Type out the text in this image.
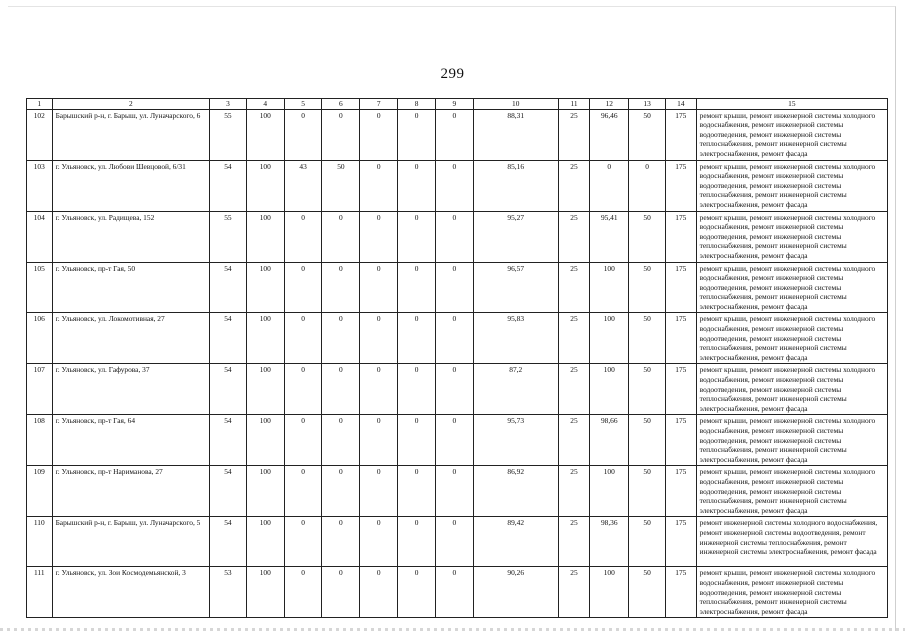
299
1	2	3	4	5	6	7	8	9	10	11	12	13	14	15
102	Барышский р-н, г. Барыш, ул. Луначарского, 6	55	100	0	0	0	0	0	88,31	25	96,46	50	175	ремонт крыши, ремонт инженерной системы холодного водоснабжения, ремонт инженерной системы водоотведения, ремонт инженерной системы теплоснабжения, ремонт инженерной системы электроснабжения, ремонт фасада
103	г. Ульяновск, ул. Любови Шевцовой, 6/31	54	100	43	50	0	0	0	85,16	25	0	0	175	ремонт крыши, ремонт инженерной системы холодного водоснабжения, ремонт инженерной системы водоотведения, ремонт инженерной системы теплоснабжения, ремонт инженерной системы электроснабжения, ремонт фасада
104	г. Ульяновск, ул. Радищева, 152	55	100	0	0	0	0	0	95,27	25	95,41	50	175	ремонт крыши, ремонт инженерной системы холодного водоснабжения, ремонт инженерной системы водоотведения, ремонт инженерной системы теплоснабжения, ремонт инженерной системы электроснабжения, ремонт фасада
105	г. Ульяновск, пр-т Гая, 50	54	100	0	0	0	0	0	96,57	25	100	50	175	ремонт крыши, ремонт инженерной системы холодного водоснабжения, ремонт инженерной системы водоотведения, ремонт инженерной системы теплоснабжения, ремонт инженерной системы электроснабжения, ремонт фасада
106	г. Ульяновск, ул. Локомотивная, 27	54	100	0	0	0	0	0	95,83	25	100	50	175	ремонт крыши, ремонт инженерной системы холодного водоснабжения, ремонт инженерной системы водоотведения, ремонт инженерной системы теплоснабжения, ремонт инженерной системы электроснабжения, ремонт фасада
107	г. Ульяновск, ул. Гафурова, 37	54	100	0	0	0	0	0	87,2	25	100	50	175	ремонт крыши, ремонт инженерной системы холодного водоснабжения, ремонт инженерной системы водоотведения, ремонт инженерной системы теплоснабжения, ремонт инженерной системы электроснабжения, ремонт фасада
108	г. Ульяновск, пр-т Гая, 64	54	100	0	0	0	0	0	95,73	25	98,66	50	175	ремонт крыши, ремонт инженерной системы холодного водоснабжения, ремонт инженерной системы водоотведения, ремонт инженерной системы теплоснабжения, ремонт инженерной системы электроснабжения, ремонт фасада
109	г. Ульяновск, пр-т Нариманова, 27	54	100	0	0	0	0	0	86,92	25	100	50	175	ремонт крыши, ремонт инженерной системы холодного водоснабжения, ремонт инженерной системы водоотведения, ремонт инженерной системы теплоснабжения, ремонт инженерной системы электроснабжения, ремонт фасада
110	Барышский р-н, г. Барыш, ул. Луначарского, 5	54	100	0	0	0	0	0	89,42	25	98,36	50	175	ремонт инженерной системы холодного водоснабжения, ремонт инженерной системы водоотведения, ремонт инженерной системы теплоснабжения, ремонт инженерной системы электроснабжения, ремонт фасада
111	г. Ульяновск, ул. Зои Космодемьянской, 3	53	100	0	0	0	0	0	90,26	25	100	50	175	ремонт крыши, ремонт инженерной системы холодного водоснабжения, ремонт инженерной системы водоотведения, ремонт инженерной системы теплоснабжения, ремонт инженерной системы электроснабжения, ремонт фасада
